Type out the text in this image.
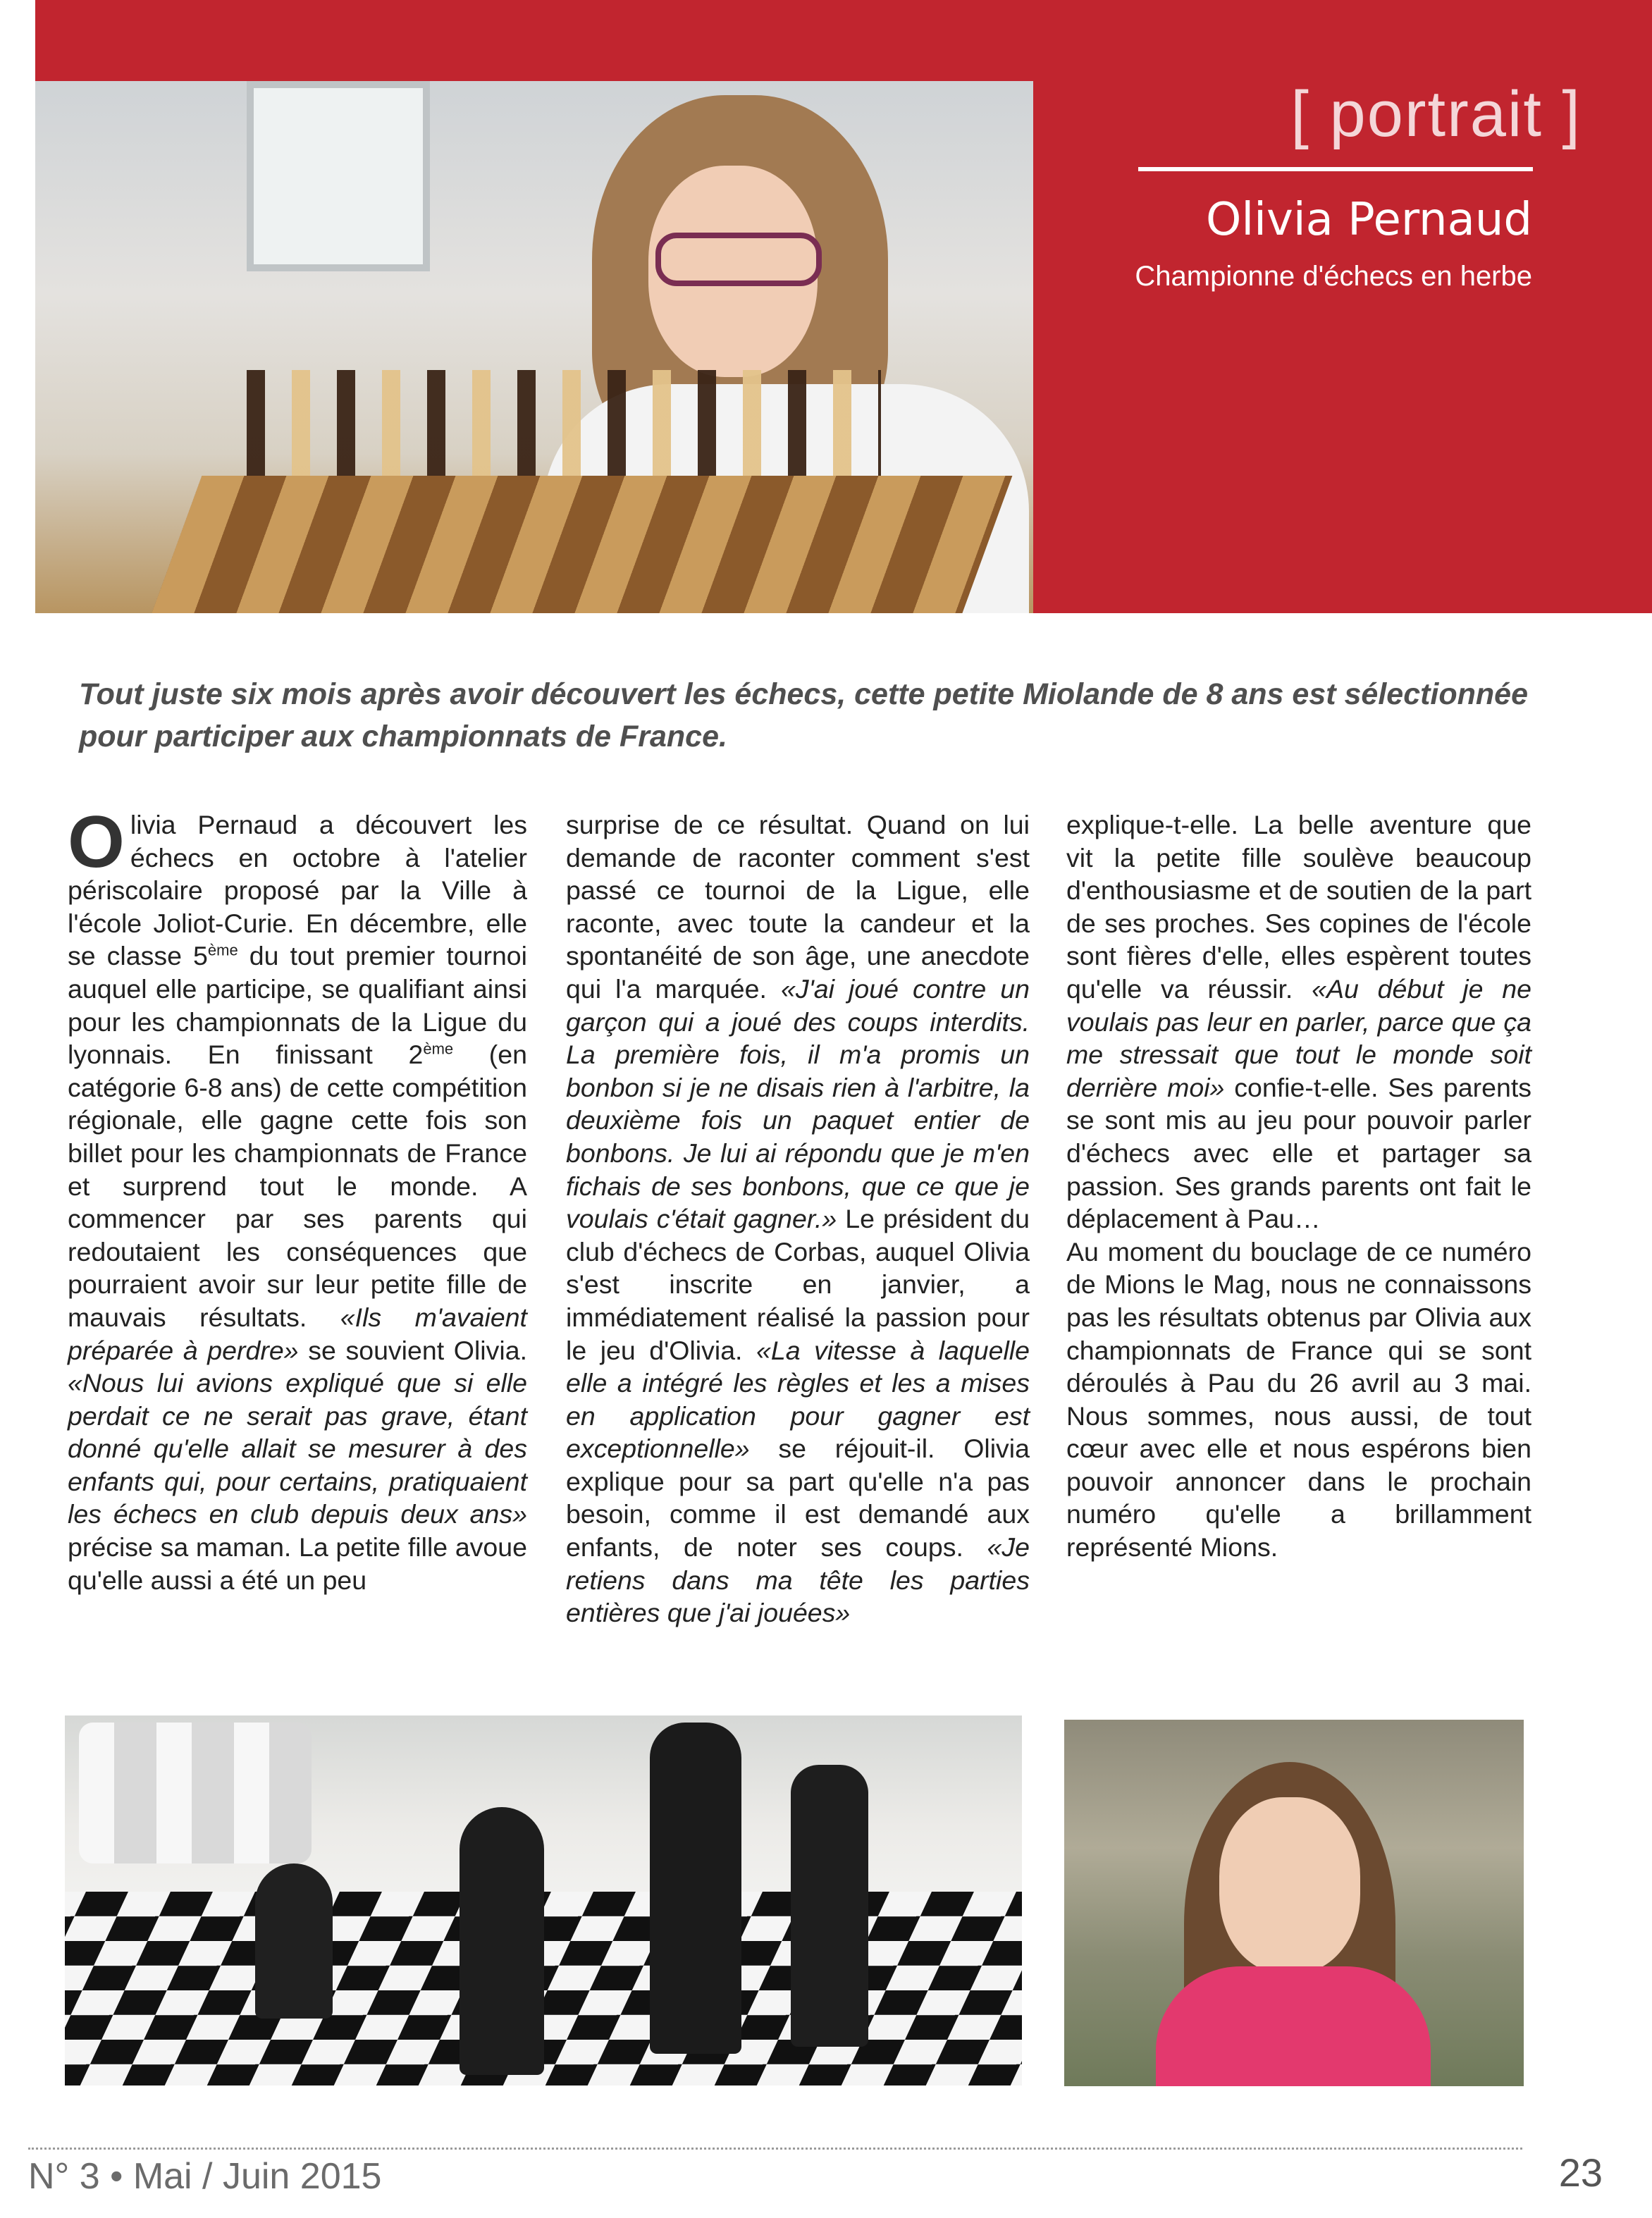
[ portrait ]
Olivia Pernaud
Championne d'échecs en herbe
Tout juste six mois après avoir découvert les échecs, cette petite Miolande de 8 ans est sélectionnée pour participer aux championnats de France.

Olivia Pernaud a découvert les échecs en octobre à l'atelier périscolaire proposé par la Ville à l'école Joliot-Curie. En décembre, elle se classe 5ème du tout premier tournoi auquel elle participe, se qualifiant ainsi pour les championnats de la Ligue du lyonnais. En finissant 2ème (en catégorie 6-8 ans) de cette compétition régionale, elle gagne cette fois son billet pour les championnats de France et surprend tout le monde. A commencer par ses parents qui redoutaient les conséquences que pourraient avoir sur leur petite fille de mauvais résultats. «Ils m'avaient préparée à perdre» se souvient Olivia. «Nous lui avions expliqué que si elle perdait ce ne serait pas grave, étant donné qu'elle allait se mesurer à des enfants qui, pour certains, pratiquaient les échecs en club depuis deux ans» précise sa maman. La petite fille avoue qu'elle aussi a été un peu

surprise de ce résultat. Quand on lui demande de raconter comment s'est passé ce tournoi de la Ligue, elle raconte, avec toute la candeur et la spontanéité de son âge, une anecdote qui l'a marquée. «J'ai joué contre un garçon qui a joué des coups interdits. La première fois, il m'a promis un bonbon si je ne disais rien à l'arbitre, la deuxième fois un paquet entier de bonbons. Je lui ai répondu que je m'en fichais de ses bonbons, que ce que je voulais c'était gagner.» Le président du club d'échecs de Corbas, auquel Olivia s'est inscrite en janvier, a immédiatement réalisé la passion pour le jeu d'Olivia. «La vitesse à laquelle elle a intégré les règles et les a mises en application pour gagner est exceptionnelle» se réjouit-il. Olivia explique pour sa part qu'elle n'a pas besoin, comme il est demandé aux enfants, de noter ses coups. «Je retiens dans ma tête les parties entières que j'ai jouées»

explique-t-elle. La belle aventure que vit la petite fille soulève beaucoup d'enthousiasme et de soutien de la part de ses proches. Ses copines de l'école sont fières d'elle, elles espèrent toutes qu'elle va réussir. «Au début je ne voulais pas leur en parler, parce que ça me stressait que tout le monde soit derrière moi» confie-t-elle. Ses parents se sont mis au jeu pour pouvoir parler d'échecs avec elle et partager sa passion. Ses grands parents ont fait le déplacement à Pau…

Au moment du bouclage de ce numéro de Mions le Mag, nous ne connaissons pas les résultats obtenus par Olivia aux championnats de France qui se sont déroulés à Pau du 26 avril au 3 mai. Nous sommes, nous aussi, de tout cœur avec elle et nous espérons bien pouvoir annoncer dans le prochain numéro qu'elle a brillamment représenté Mions.

N° 3 • Mai / Juin 2015	23
